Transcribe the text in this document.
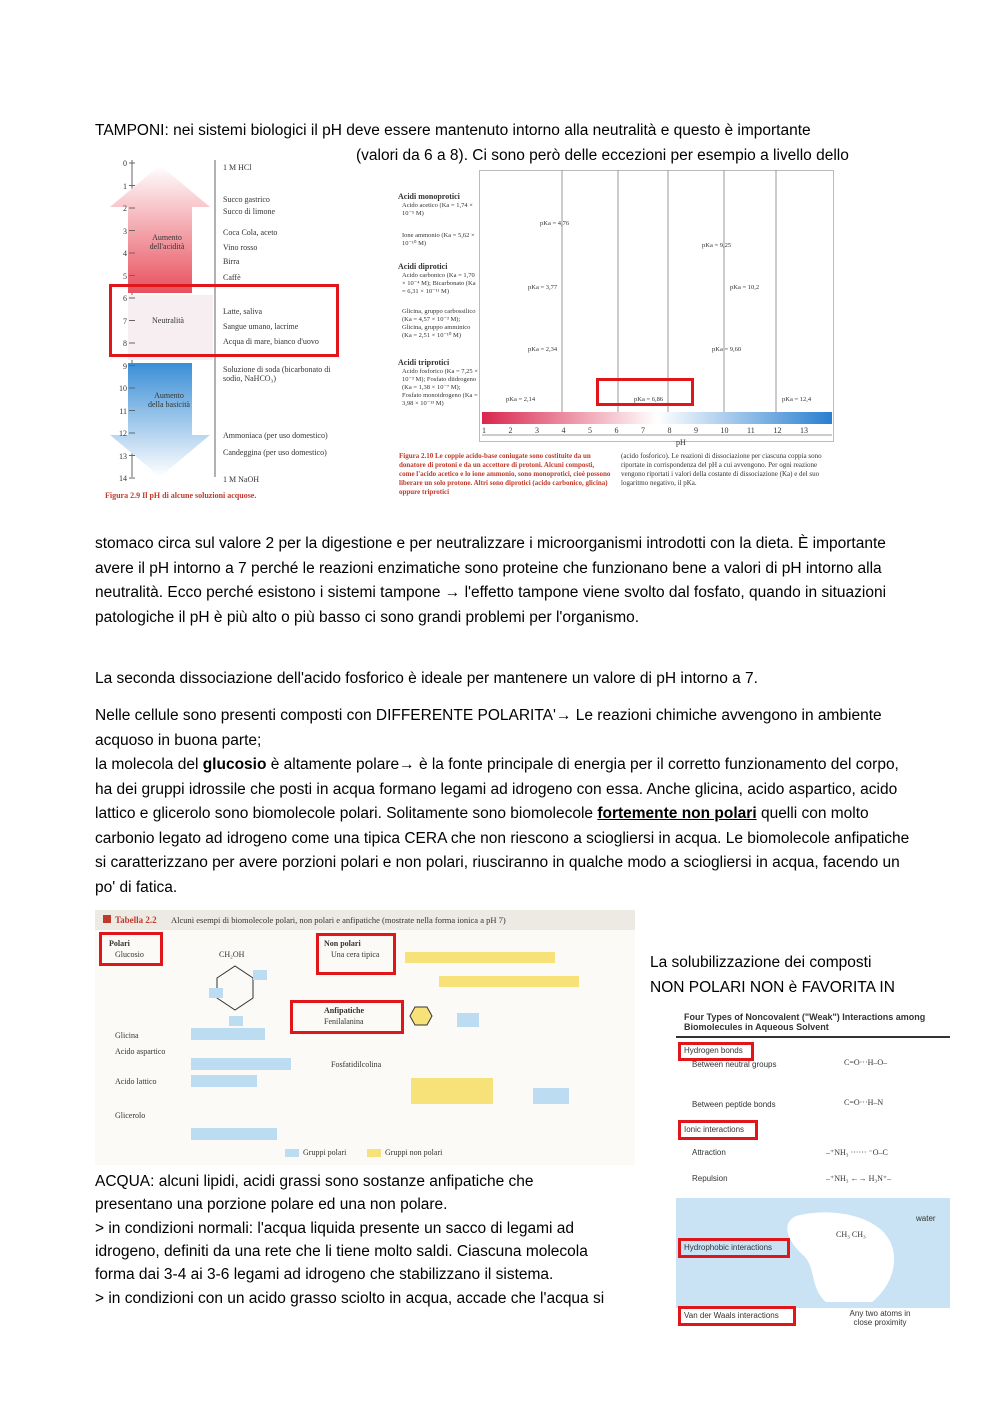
TAMPONI: nei sistemi biologici il pH deve essere mantenuto intorno alla neutralità e questo è importante
(valori da 6 a 8). Ci sono però delle eccezioni per esempio a livello dello
0
1
2
3
4
5
6
7
8
9
10
11
12
13
14
Aumento dell'acidità
Neutralità
Aumento della basicità
1 M HCl
Succo gastrico
Succo di limone
Coca Cola, aceto
Vino rosso
Birra
Caffè
Latte, saliva
Sangue umano, lacrime
Acqua di mare, bianco d'uovo
Soluzione di soda (bicarbonato di sodio, NaHCO₃)
Ammoniaca (per uso domestico)
Candeggina (per uso domestico)
1 M NaOH
Figura 2.9 Il pH di alcune soluzioni acquose.
Acidi monoprotici
Acidi diprotici
Acidi triprotici
Acido acetico (Ka = 1,74 × 10⁻⁵ M)
Ione ammonio (Ka = 5,62 × 10⁻¹⁰ M)
Acido carbonico (Ka = 1,70 × 10⁻⁴ M); Bicarbonato (Ka = 6,31 × 10⁻¹¹ M)
Glicina, gruppo carbossilico (Ka = 4,57 × 10⁻³ M); Glicina, gruppo amminico (Ka = 2,51 × 10⁻¹⁰ M)
Acido fosforico (Ka = 7,25 × 10⁻³ M); Fosfato diidrogeno (Ka = 1,38 × 10⁻⁷ M); Fosfato monoidrogeno (Ka = 3,98 × 10⁻¹³ M)
pKa = 4,76
pKa = 9,25
pKa = 3,77	pKa = 10,2
pKa = 2,34	pKa = 9,60
pKa = 2,14	pKa = 6,86	pKa = 12,4
1	2	3	4	5	6	7	8	9	10 11 12 13
pH
Figura 2.10 Le coppie acido-base coniugate sono costituite da un donatore di protoni e da un accettore di protoni. Alcuni composti, come l'acido acetico e lo ione ammonio, sono monoprotici, cioè possono liberare un solo protone. Altri sono diprotici (acido carbonico, glicina) oppure triprotici
(acido fosforico). Le reazioni di dissociazione per ciascuna coppia sono riportate in corrispondenza del pH a cui avvengono. Per ogni reazione vengono riportati i valori della costante di dissociazione (Ka) e del suo logaritmo negativo, il pKa.
stomaco circa sul valore 2 per la digestione e per neutralizzare i microorganismi introdotti con la dieta. È importante avere il pH intorno a 7 perché le reazioni enzimatiche sono proteine che funzionano bene a valori di pH intorno alla neutralità. Ecco perché esistono i sistemi tampone → l'effetto tampone viene svolto dal fosfato, quando in situazioni patologiche il pH è più alto o più basso ci sono grandi problemi per l'organismo.
La seconda dissociazione dell'acido fosforico è ideale per mantenere un valore di pH intorno a 7.
Nelle cellule sono presenti composti con DIFFERENTE POLARITA'→ Le reazioni chimiche avvengono in ambiente acquoso in buona parte;
la molecola del glucosio è altamente polare→ è la fonte principale di energia per il corretto funzionamento del corpo, ha dei gruppi idrossile che posti in acqua formano legami ad idrogeno con essa. Anche glicina, acido aspartico, acido lattico e glicerolo sono biomolecole polari. Solitamente sono biomolecole fortemente non polari quelli con molto carbonio legato ad idrogeno come una tipica CERA che non riescono a sciogliersi in acqua. Le biomolecole anfipatiche si caratterizzano per avere porzioni polari e non polari, riusciranno in qualche modo a sciogliersi in acqua, facendo un po' di fatica.
Tabella 2.2 Alcuni esempi di biomolecole polari, non polari e anfipatiche (mostrate nella forma ionica a pH 7)
Polari
Glucosio	CH₂OH
Non polari
Una cera tipica
Anfipatiche
Fenilalanina
Glicina
Acido aspartico
Acido lattico
Glicerolo
Fosfatidilcolina
Gruppi polari	Gruppi non polari
La solubilizzazione dei composti NON POLARI NON è FAVORITA IN
Four Types of Noncovalent ("Weak") Interactions among Biomolecules in Aqueous Solvent
Hydrogen bonds
Between neutral groups	C=O···H–O–
Between peptide bonds	C=O···H–N
Ionic interactions
Attraction	–⁺NH₃ ······ ⁻O–C
Repulsion	–⁺NH₃ ←→ H₃N⁺–
water
Hydrophobic interactions
CH₃ CH₃
Van der Waals interactions	Any two atoms in close proximity
ACQUA: alcuni lipidi, acidi grassi sono sostanze anfipatiche che
presentano una porzione polare ed una non polare.
> in condizioni normali: l'acqua liquida presente un sacco di legami ad
idrogeno, definiti da una rete che li tiene molto saldi. Ciascuna molecola
forma dai 3-4 ai 3-6 legami ad idrogeno che stabilizzano il sistema.
> in condizioni con un acido grasso sciolto in acqua, accade che l'acqua si
